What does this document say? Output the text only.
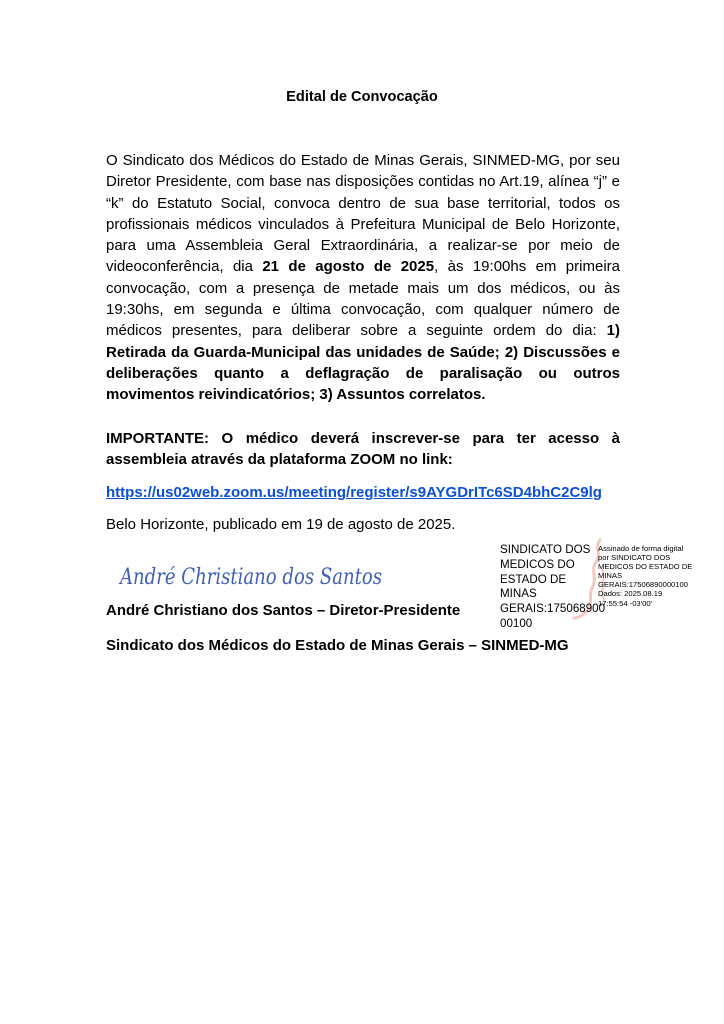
Edital de Convocação

O Sindicato dos Médicos do Estado de Minas Gerais, SINMED-MG, por seu Diretor Presidente, com base nas disposições contidas no Art.19, alínea “j” e “k” do Estatuto Social, convoca dentro de sua base territorial, todos os profissionais médicos vinculados à Prefeitura Municipal de Belo Horizonte, para uma Assembleia Geral Extraordinária, a realizar-se por meio de videoconferência, dia 21 de agosto de 2025, às 19:00hs em primeira convocação, com a presença de metade mais um dos médicos, ou às 19:30hs, em segunda e última convocação, com qualquer número de médicos presentes, para deliberar sobre a seguinte ordem do dia: 1) Retirada da Guarda-Municipal das unidades de Saúde; 2) Discussões e deliberações quanto a deflagração de paralisação ou outros movimentos reivindicatórios; 3) Assuntos correlatos.

IMPORTANTE: O médico deverá inscrever-se para ter acesso à assembleia através da plataforma ZOOM no link:

https://us02web.zoom.us/meeting/register/s9AYGDrITc6SD4bhC2C9lg
Belo Horizonte, publicado em 19 de agosto de 2025.
André Christiano dos Santos
André Christiano dos Santos – Diretor-Presidente
Sindicato dos Médicos do Estado de Minas Gerais – SINMED-MG
SINDICATO DOS
MEDICOS DO
ESTADO DE MINAS
GERAIS:175068900
00100
Assinado de forma digital
por SINDICATO DOS
MEDICOS DO ESTADO DE
MINAS
GERAIS:17506890000100
Dados: 2025.08.19
17:55:54 -03'00'
